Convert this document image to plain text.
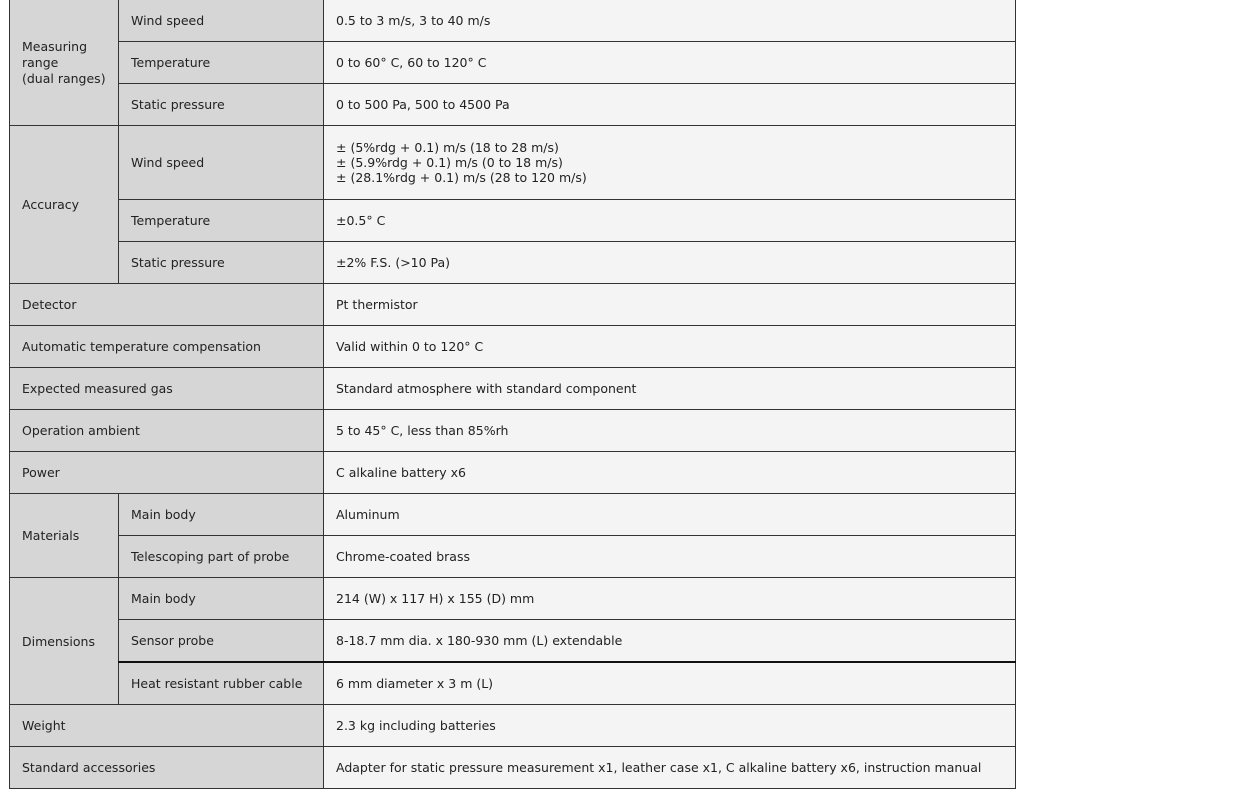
Measuring
range
(dual ranges)	Wind speed	0.5 to 3 m/s, 3 to 40 m/s
	Temperature	0 to 60° C, 60 to 120° C
	Static pressure	0 to 500 Pa, 500 to 4500 Pa
Accuracy	Wind speed	± (5%rdg + 0.1) m/s (18 to 28 m/s)
± (5.9%rdg + 0.1) m/s (0 to 18 m/s)
± (28.1%rdg + 0.1) m/s (28 to 120 m/s)

	Temperature	±0.5° C
	Static pressure	±2% F.S. (>10 Pa)
Detector		Pt thermistor
Automatic temperature compensation		Valid within 0 to 120° C
Expected measured gas		Standard atmosphere with standard component
Operation ambient		5 to 45° C, less than 85%rh
Power		C alkaline battery x6
Materials	Main body	Aluminum
	Telescoping part of probe	Chrome-coated brass
Dimensions	Main body	214 (W) x 117 H) x 155 (D) mm
	Sensor probe	8-18.7 mm dia. x 180-930 mm (L) extendable
	Heat resistant rubber cable	6 mm diameter x 3 m (L)
Weight		2.3 kg including batteries
Standard accessories		Adapter for static pressure measurement x1, leather case x1, C alkaline battery x6, instruction manual
